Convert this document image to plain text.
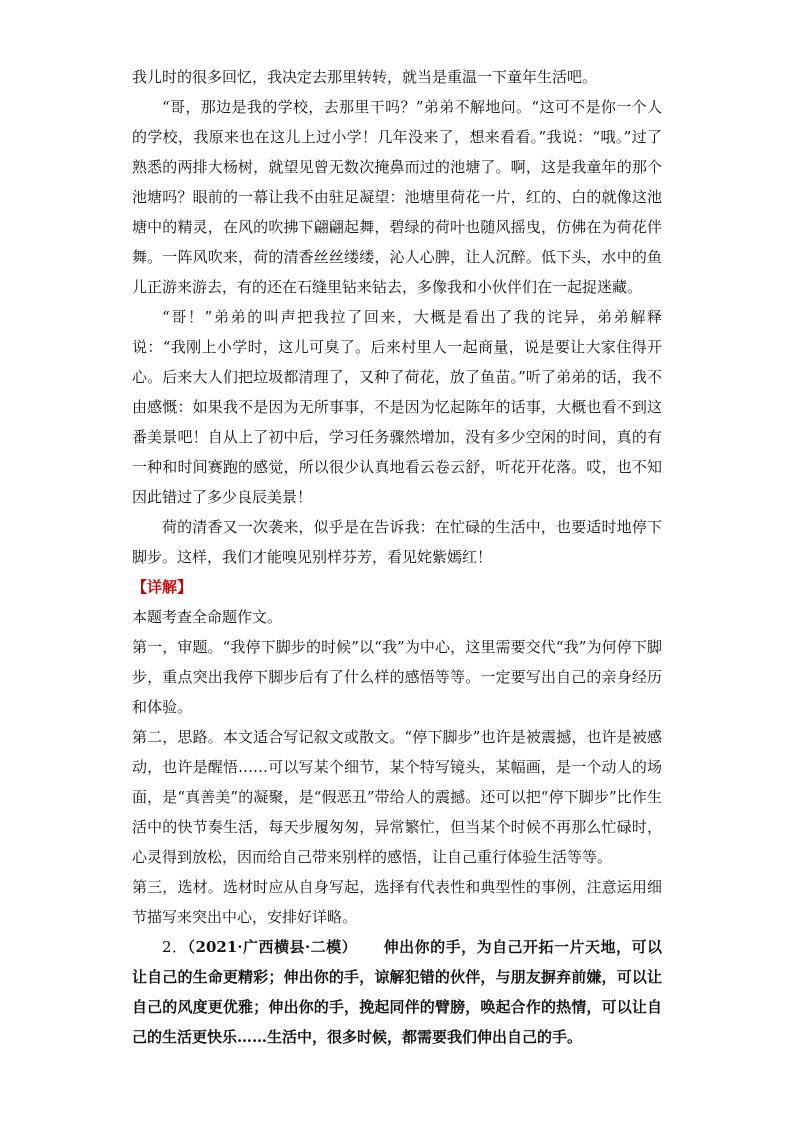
我儿时的很多回忆，我决定去那里转转，就当是重温一下童年生活吧。

“哥，那边是我的学校，去那里干吗？”弟弟不解地问。“这可不是你一个人的学校，我原来也在这儿上过小学！几年没来了，想来看看。”我说：“哦。”过了熟悉的两排大杨树，就望见曾无数次掩鼻而过的池塘了。啊，这是我童年的那个池塘吗？眼前的一幕让我不由驻足凝望：池塘里荷花一片，红的、白的就像这池塘中的精灵，在风的吹拂下翩翩起舞，碧绿的荷叶也随风摇曳，仿佛在为荷花伴舞。一阵风吹来，荷的清香丝丝缕缕，沁人心脾，让人沉醉。低下头，水中的鱼儿正游来游去，有的还在石缝里钻来钻去，多像我和小伙伴们在一起捉迷藏。

“哥！”弟弟的叫声把我拉了回来，大概是看出了我的诧异，弟弟解释说：“我刚上小学时，这儿可臭了。后来村里人一起商量，说是要让大家住得开心。后来大人们把垃圾都清理了，又种了荷花，放了鱼苗。”听了弟弟的话，我不由感慨：如果我不是因为无所事事，不是因为忆起陈年的话事，大概也看不到这番美景吧！自从上了初中后，学习任务骤然增加，没有多少空闲的时间，真的有一种和时间赛跑的感觉，所以很少认真地看云卷云舒，听花开花落。哎，也不知因此错过了多少良辰美景！

荷的清香又一次袭来，似乎是在告诉我：在忙碌的生活中，也要适时地停下脚步。这样，我们才能嗅见别样芬芳，看见姹紫嫣红！

【详解】

本题考查全命题作文。

第一，审题。“我停下脚步的时候”以“我”为中心，这里需要交代“我”为何停下脚步，重点突出我停下脚步后有了什么样的感悟等等。一定要写出自己的亲身经历和体验。

第二，思路。本文适合写记叙文或散文。“停下脚步”也许是被震撼，也许是被感动，也许是醒悟……可以写某个细节，某个特写镜头，某幅画，是一个动人的场面，是“真善美”的凝聚，是“假恶丑”带给人的震撼。还可以把“停下脚步”比作生活中的快节奏生活，每天步履匆匆，异常繁忙，但当某个时候不再那么忙碌时，心灵得到放松，因而给自己带来别样的感悟，让自己重行体验生活等等。

第三，选材。选材时应从自身写起，选择有代表性和典型性的事例，注意运用细节描写来突出中心，安排好详略。

2．（2021·广西横县·二模） 伸出你的手，为自己开拓一片天地，可以让自己的生命更精彩；伸出你的手，谅解犯错的伙伴，与朋友摒弃前嫌，可以让自己的风度更优雅；伸出你的手，挽起同伴的臂膀，唤起合作的热情，可以让自己的生活更快乐……生活中，很多时候，都需要我们伸出自己的手。
